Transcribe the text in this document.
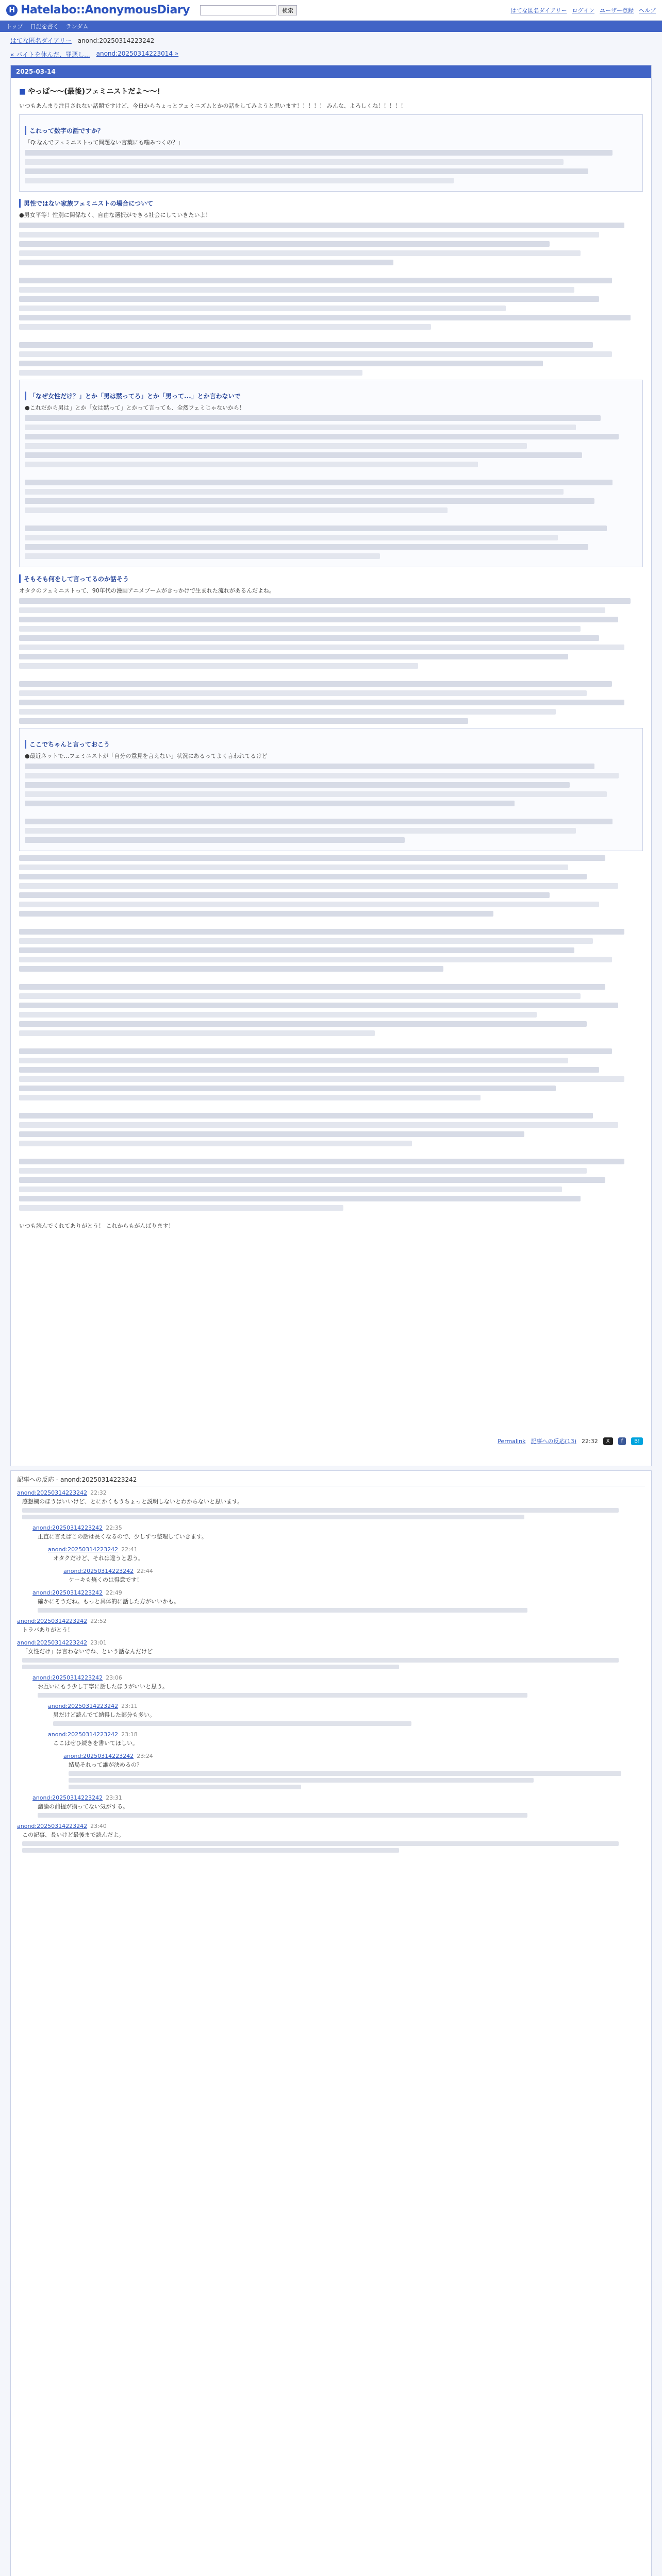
H Hatelabo::AnonymousDiary	検索	はてな匿名ダイアリー ログイン ユーザー登録 ヘルプ
トップ 日記を書く ランダム
はてな匿名ダイアリー anond:20250314223242
« バイトを休んだ、罪悪し... anond:20250314223014 »
2025-03-14
■ やっぱ〜〜(最後)フェミニストだよ〜〜!

いつもあんまり注目されない話題ですけど、今日からちょっとフェミニズムとかの話をしてみようと思います！！！！！ みんな、よろしくね！！！！！

これって数字の話ですか？

「Q:なんでフェミニストって問題ない言葉にも噛みつくの？」

男性ではない家族フェミニストの場合について

●男女平等！性別に関係なく、自由な選択ができる社会にしていきたいよ！

「なぜ女性だけ？」とか「男は黙ってろ」とか「男って...」とか言わないで

●これだから男は」とか「女は黙って」とかって言っても、全然フェミじゃないから！

そもそも何をして言ってるのか話そう

オタクのフェミニストって、90年代の漫画アニメブームがきっかけで生まれた流れがあるんだよね。

ここでちゃんと言っておこう

●最近ネットで...フェミニストが「自分の意見を言えない」状況にあるってよく言われてるけど

いつも読んでくれてありがとう！ これからもがんばります！

Permalink 記事への反応(13) 22:32	X	f	B!
記事への反応 - anond:20250314223242
anond:20250314223242 22:32
感想欄のほうはいいけど、とにかくもうちょっと説明しないとわからないと思います。
anond:20250314223242 22:35
正直に言えばこの話は長くなるので、少しずつ整理していきます。
anond:20250314223242 22:41
オタクだけど、それは違うと思う。
anond:20250314223242 22:44
ケーキも焼くのは得意です！
anond:20250314223242 22:49
確かにそうだね。もっと具体的に話した方がいいかも。
anond:20250314223242 22:52
トラバありがとう！
anond:20250314223242 23:01
「女性だけ」は言わないでね、という話なんだけど
anond:20250314223242 23:06
お互いにもう少し丁寧に話したほうがいいと思う。
anond:20250314223242 23:11
男だけど読んでて納得した部分も多い。
anond:20250314223242 23:18
ここはぜひ続きを書いてほしい。
anond:20250314223242 23:24
結局それって誰が決めるの？
anond:20250314223242 23:31
議論の前提が揃ってない気がする。
anond:20250314223242 23:40
この記事、長いけど最後まで読んだよ。
